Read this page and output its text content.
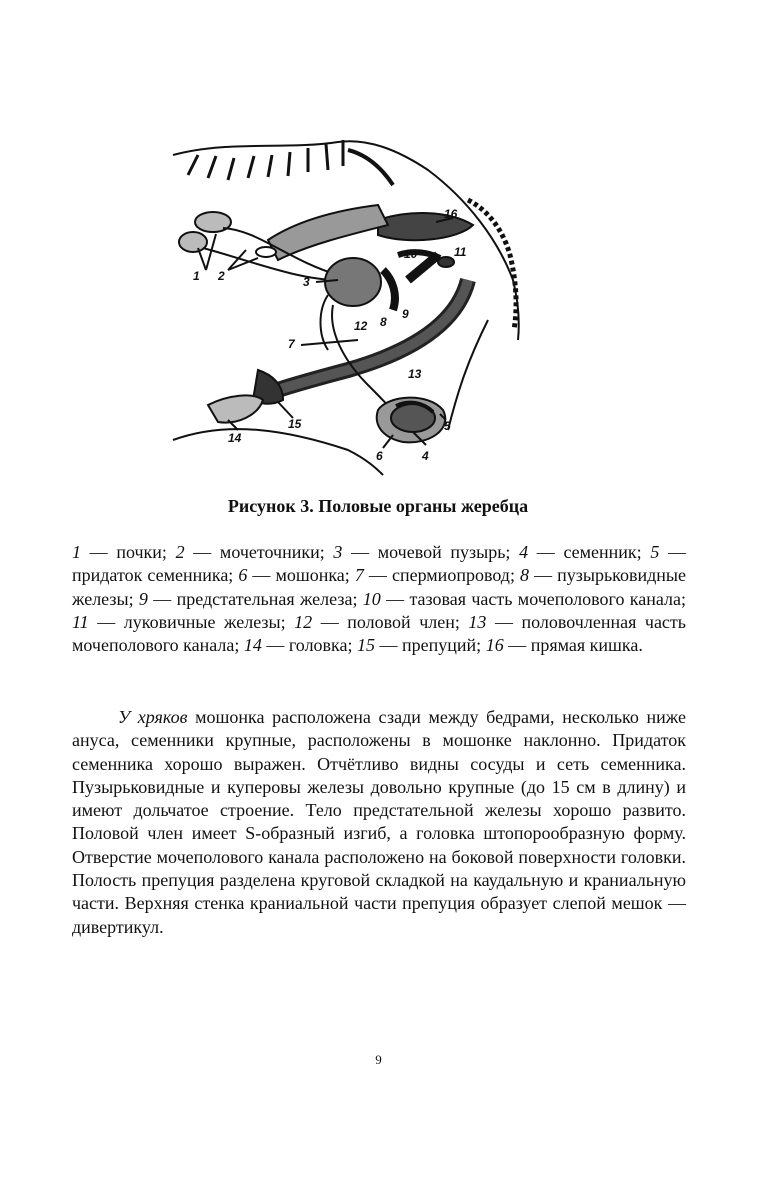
1 2	3
4
5
6
7
8
9
10	11
12
13
14
15
16
Рисунок 3. Половые органы жеребца
1 — почки; 2 — мочеточники; 3 — мочевой пузырь; 4 — семенник; 5 — придаток семенника; 6 — мошонка; 7 — спермиопровод; 8 — пузырьковидные железы; 9 — предстательная железа; 10 — тазовая часть мочеполового канала; 11 — луковичные железы; 12 — половой член; 13 — половочленная часть мочеполового канала; 14 — головка; 15 — препуций; 16 — прямая кишка.

У хряков мошонка расположена сзади между бедрами, несколько ниже ануса, семенники крупные, расположены в мошонке наклонно. Придаток семенника хорошо выражен. Отчётливо видны сосуды и сеть семенника. Пузырьковидные и куперовы железы довольно крупные (до 15 см в длину) и имеют дольчатое строение. Тело предстательной железы хорошо развито. Половой член имеет S-образный изгиб, а головка штопорообразную форму. Отверстие мочеполового канала расположено на боковой поверхности головки. Полость препуция разделена круговой складкой на каудальную и краниальную части. Верхняя стенка краниальной части препуция образует слепой мешок — дивертикул.

9
